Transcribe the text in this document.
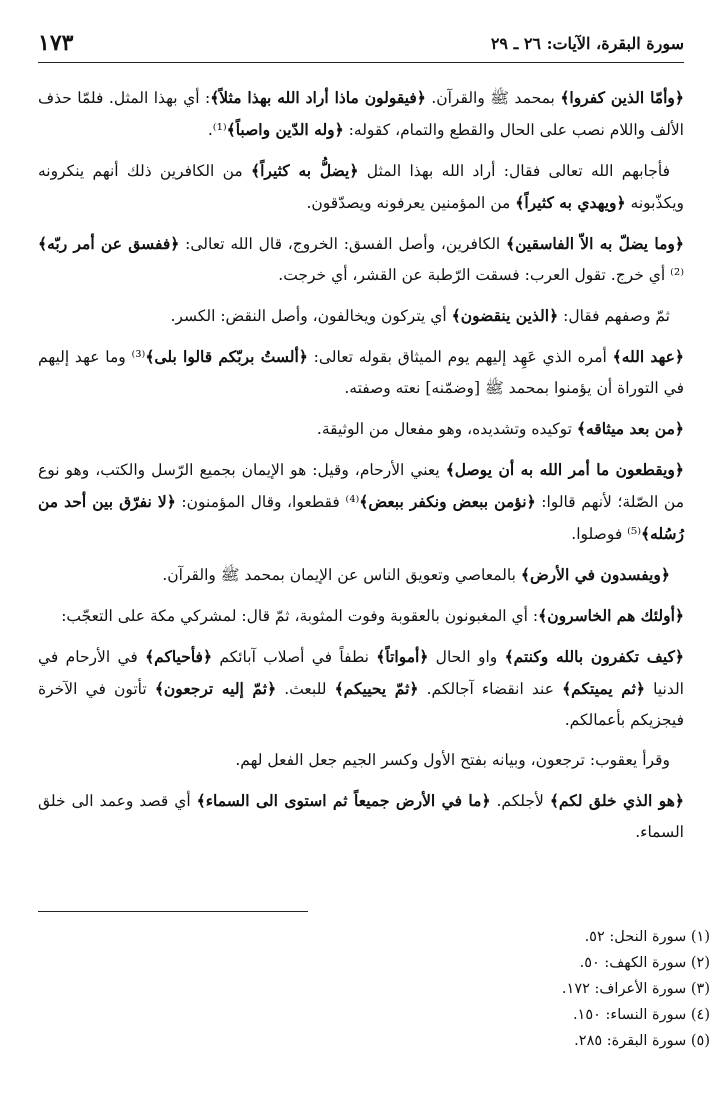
سورة البقرة، الآيات: ٢٦ ـ ٢٩
١٧٣

﴿وأمّا الذين كفروا﴾ بمحمد ﷺ والقرآن. ﴿فيقولون ماذا أراد الله بهذا مثلاً﴾: أي بهذا المثل. فلمّا حذف الألف واللام نصب على الحال والقطع والتمام، كقوله: ﴿وله الدّين واصباً﴾⁽¹⁾.

فأجابهم الله تعالى فقال: أراد الله بهذا المثل ﴿يضلُّ به كثيراً﴾ من الكافرين ذلك أنهم ينكرونه ويكذّبونه ﴿ويهدي به كثيراً﴾ من المؤمنين يعرفونه ويصدّقون.

﴿وما يضلّ به الاّ الفاسقين﴾ الكافرين، وأصل الفسق: الخروج، قال الله تعالى: ﴿ففسق عن أمر ربّه﴾⁽²⁾ أي خرج. تقول العرب: فسقت الرّطبة عن القشر، أي خرجت.

ثمّ وصفهم فقال: ﴿الذين ينقضون﴾ أي يتركون ويخالفون، وأصل النقض: الكسر.

﴿عهد الله﴾ أمره الذي عَهِد إليهم يوم الميثاق بقوله تعالى: ﴿ألستُ بربّكم قالوا بلى﴾⁽³⁾ وما عهد إليهم في التوراة أن يؤمنوا بمحمد ﷺ [وضمّنه] نعته وصفته.

﴿من بعد ميثاقه﴾ توكيده وتشديده، وهو مفعال من الوثيقة.

﴿ويقطعون ما أمر الله به أن يوصل﴾ يعني الأرحام، وقيل: هو الإيمان بجميع الرّسل والكتب، وهو نوع من الصّلة؛ لأنهم قالوا: ﴿نؤمن ببعض ونكفر ببعض﴾⁽⁴⁾ فقطعوا، وقال المؤمنون: ﴿لا نفرّق بين أحد من رُسُله﴾⁽⁵⁾ فوصلوا.

﴿ويفسدون في الأرض﴾ بالمعاصي وتعويق الناس عن الإيمان بمحمد ﷺ والقرآن.

﴿أولئك هم الخاسرون﴾: أي المغبونون بالعقوبة وفوت المثوبة، ثمّ قال: لمشركي مكة على التعجّب:

﴿كيف تكفرون بالله وكنتم﴾ واو الحال ﴿أمواتاً﴾ نطفاً في أصلاب آبائكم ﴿فأحياكم﴾ في الأرحام في الدنيا ﴿ثم يميتكم﴾ عند انقضاء آجالكم. ﴿ثمّ يحييكم﴾ للبعث. ﴿ثمّ إليه ترجعون﴾ تأتون في الآخرة فيجزيكم بأعمالكم.

وقرأ يعقوب: ترجعون، وبيانه بفتح الأول وكسر الجيم جعل الفعل لهم.

﴿هو الذي خلق لكم﴾ لأجلكم. ﴿ما في الأرض جميعاً ثم استوى الى السماء﴾ أي قصد وعمد الى خلق السماء.

(١) سورة النحل: ٥٢.
(٢) سورة الكهف: ٥٠.
(٣) سورة الأعراف: ١٧٢.
(٤) سورة النساء: ١٥٠.
(٥) سورة البقرة: ٢٨٥.
